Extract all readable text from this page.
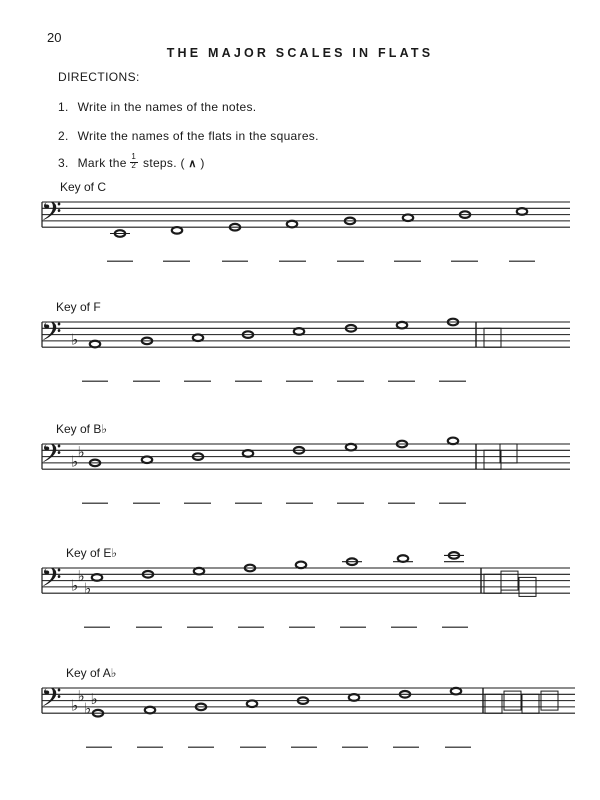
20
THE MAJOR SCALES IN FLATS
DIRECTIONS:
1. Write in the names of the notes.
2. Write the names of the flats in the squares.
3. Mark the $\frac{1}{2}$ steps. ( ∧ )
Key of C
𝄢
Key of F
𝄢 ♭
Key of B♭
𝄢 ♭
♭
Key of E♭
𝄢 ♭
♭
♭
Key of A♭
𝄢 ♭
♭
♭
♭
